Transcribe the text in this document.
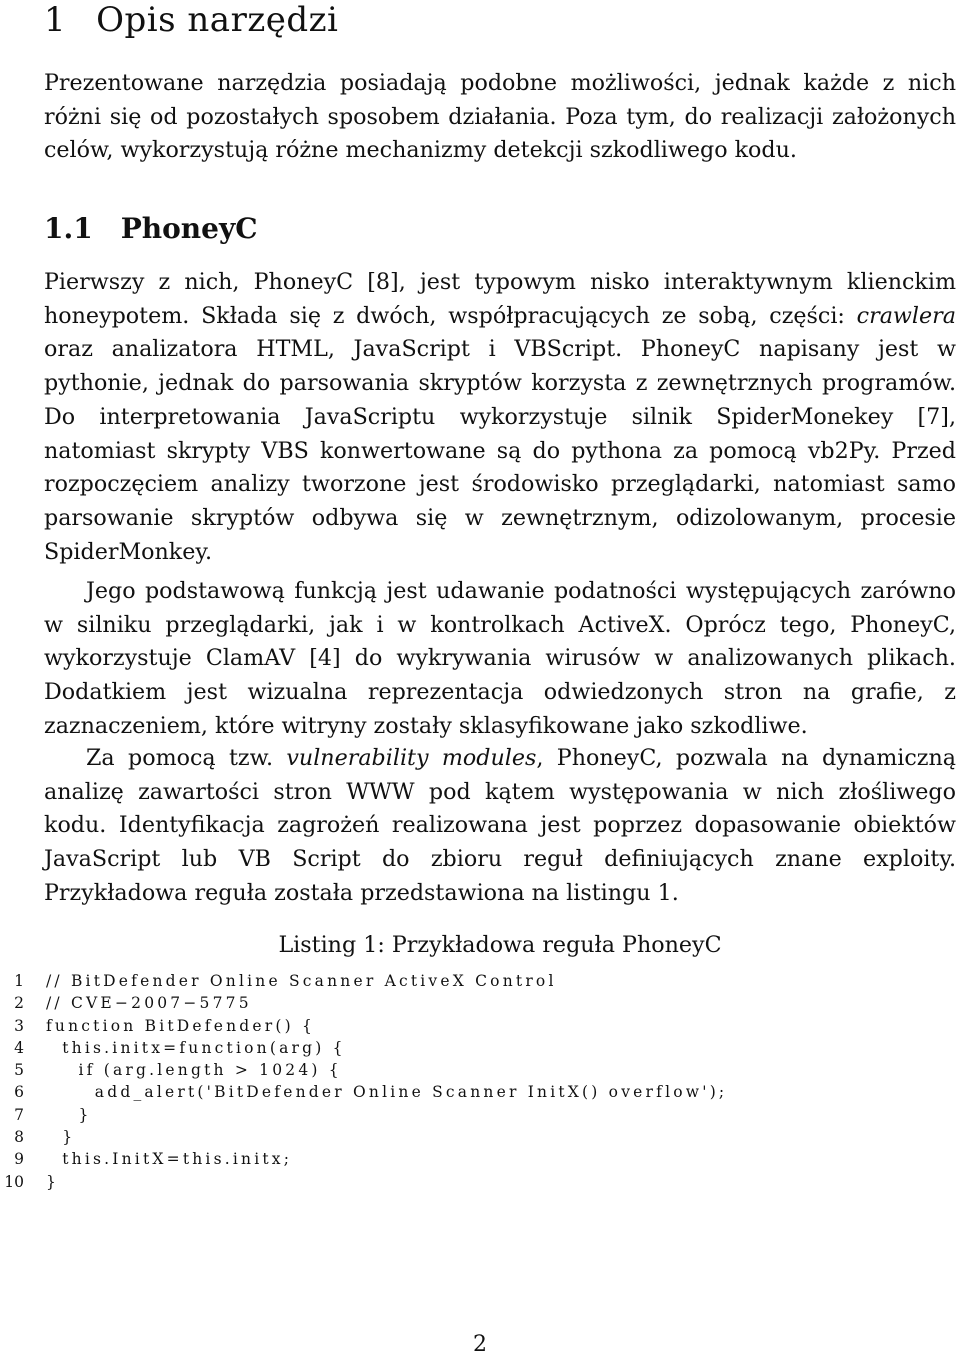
1 Opis narzędzi

Prezentowane narzędzia posiadają podobne możliwości, jednak każde z nich różni się od pozostałych sposobem działania. Poza tym, do realizacji założonych celów, wykorzystują różne mechanizmy detekcji szkodliwego kodu.

1.1 PhoneyC

Pierwszy z nich, PhoneyC [8], jest typowym nisko interaktywnym klienckim honeypotem. Składa się z dwóch, współpracujących ze sobą, części: crawlera oraz analizatora HTML, JavaScript i VBScript. PhoneyC napisany jest w pythonie, jednak do parsowania skryptów korzysta z zewnętrznych programów. Do interpretowania JavaScriptu wykorzystuje silnik SpiderMonekey [7], natomiast skrypty VBS konwertowane są do pythona za pomocą vb2Py. Przed rozpoczęciem analizy tworzone jest środowisko przeglądarki, natomiast samo parsowanie skryptów odbywa się w zewnętrznym, odizolowanym, procesie SpiderMonkey.

Jego podstawową funkcją jest udawanie podatności występujących zarówno w silniku przeglądarki, jak i w kontrolkach ActiveX. Oprócz tego, PhoneyC, wykorzystuje ClamAV [4] do wykrywania wirusów w analizowanych plikach. Dodatkiem jest wizualna reprezentacja odwiedzonych stron na grafie, z zaznaczeniem, które witryny zostały sklasyfikowane jako szkodliwe.

Za pomocą tzw. vulnerability modules, PhoneyC, pozwala na dynamiczną analizę zawartości stron WWW pod kątem występowania w nich złośliwego kodu. Identyfikacja zagrożeń realizowana jest poprzez dopasowanie obiektów JavaScript lub VB Script do zbioru reguł definiujących znane exploity. Przykładowa reguła została przedstawiona na listingu 1.

Listing 1: Przykładowa reguła PhoneyC

1 // BitDefender Online Scanner ActiveX Control
2 // CVE−2007−5775
3 function BitDefender() {
4 this.initx=function(arg) {
5 if (arg.length > 1024) {
6 add_alert('BitDefender Online Scanner InitX() overflow');
7 }
8 }
9 this.InitX=this.initx;
10 }

2
